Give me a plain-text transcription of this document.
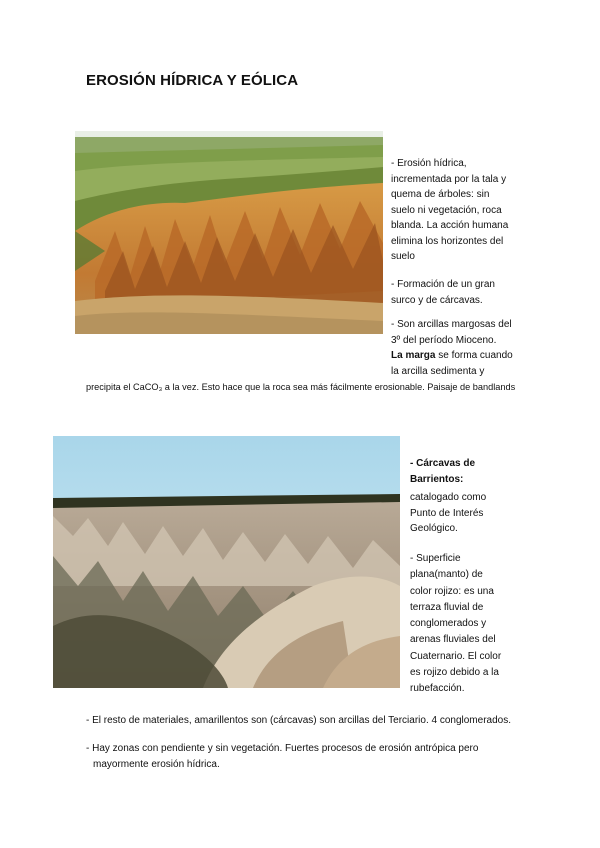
EROSIÓN HÍDRICA Y EÓLICA
- Erosión hídrica,
incrementada por la tala y
quema de árboles: sin
suelo ni vegetación, roca
blanda. La acción humana
elimina los horizontes del
suelo
- Formación de un gran
surco y de cárcavas.
- Son arcillas margosas del
3º del período Mioceno.
La marga se forma cuando
la arcilla sedimenta y
precipita el CaCO₃ a la vez. Esto hace que la roca sea más fácilmente erosionable. Paisaje de bandlands
- Cárcavas de
Barrientos:
catalogado como
Punto de Interés
Geológico.
- Superficie
plana(manto) de
color rojizo: es una
terraza fluvial de
conglomerados y
arenas fluviales del
Cuaternario. El color
es rojizo debido a la
rubefacción.
- El resto de materiales, amarillentos son (cárcavas) son arcillas del Terciario. 4 conglomerados.
- Hay zonas con pendiente y sin vegetación. Fuertes procesos de erosión antrópica pero
mayormente erosión hídrica.
